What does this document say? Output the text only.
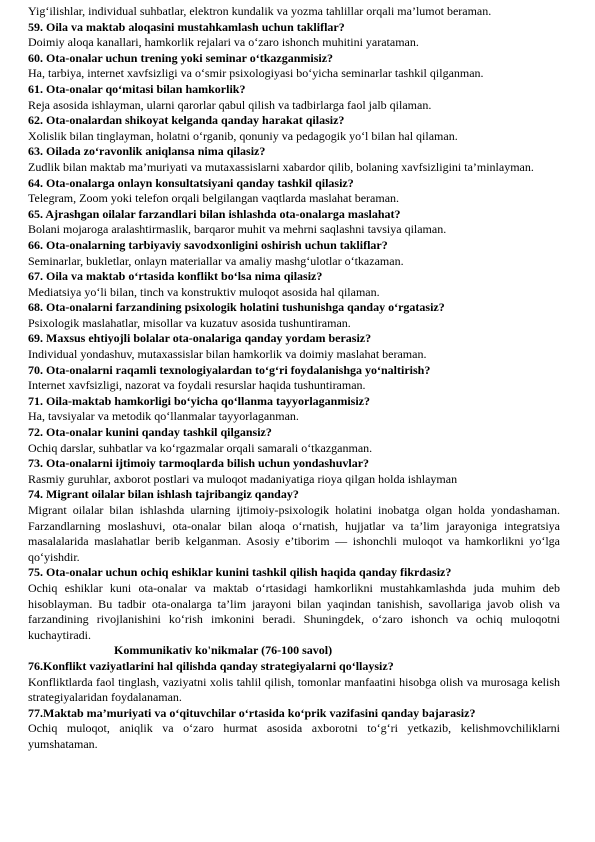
Yig‘ilishlar, individual suhbatlar, elektron kundalik va yozma tahlillar orqali ma’lumot beraman.

59. Oila va maktab aloqasini mustahkamlash uchun takliflar?

Doimiy aloqa kanallari, hamkorlik rejalari va o‘zaro ishonch muhitini yarataman.

60. Ota-onalar uchun trening yoki seminar o‘tkazganmisiz?

Ha, tarbiya, internet xavfsizligi va o‘smir psixologiyasi bo‘yicha seminarlar tashkil qilganman.

61. Ota-onalar qo‘mitasi bilan hamkorlik?

Reja asosida ishlayman, ularni qarorlar qabul qilish va tadbirlarga faol jalb qilaman.

62. Ota-onalardan shikoyat kelganda qanday harakat qilasiz?

Xolislik bilan tinglayman, holatni o‘rganib, qonuniy va pedagogik yo‘l bilan hal qilaman.

63. Oilada zo‘ravonlik aniqlansa nima qilasiz?

Zudlik bilan maktab ma’muriyati va mutaxassislarni xabardor qilib, bolaning xavfsizligini ta’minlayman.

64. Ota-onalarga onlayn konsultatsiyani qanday tashkil qilasiz?

Telegram, Zoom yoki telefon orqali belgilangan vaqtlarda maslahat beraman.

65. Ajrashgan oilalar farzandlari bilan ishlashda ota-onalarga maslahat?

Bolani mojaroga aralashtirmaslik, barqaror muhit va mehrni saqlashni tavsiya qilaman.

66. Ota-onalarning tarbiyaviy savodxonligini oshirish uchun takliflar?

Seminarlar, bukletlar, onlayn materiallar va amaliy mashg‘ulotlar o‘tkazaman.

67. Oila va maktab o‘rtasida konflikt bo‘lsa nima qilasiz?

Mediatsiya yo‘li bilan, tinch va konstruktiv muloqot asosida hal qilaman.

68. Ota-onalarni farzandining psixologik holatini tushunishga qanday o‘rgatasiz?

Psixologik maslahatlar, misollar va kuzatuv asosida tushuntiraman.

69. Maxsus ehtiyojli bolalar ota-onalariga qanday yordam berasiz?

Individual yondashuv, mutaxassislar bilan hamkorlik va doimiy maslahat beraman.

70. Ota-onalarni raqamli texnologiyalardan to‘g‘ri foydalanishga yo‘naltirish?

Internet xavfsizligi, nazorat va foydali resurslar haqida tushuntiraman.

71. Oila-maktab hamkorligi bo‘yicha qo‘llanma tayyorlaganmisiz?

Ha, tavsiyalar va metodik qo‘llanmalar tayyorlaganman.

72. Ota-onalar kunini qanday tashkil qilgansiz?

Ochiq darslar, suhbatlar va ko‘rgazmalar orqali samarali o‘tkazganman.

73. Ota-onalarni ijtimoiy tarmoqlarda bilish uchun yondashuvlar?

Rasmiy guruhlar, axborot postlari va muloqot madaniyatiga rioya qilgan holda ishlayman

74. Migrant oilalar bilan ishlash tajribangiz qanday?

Migrant oilalar bilan ishlashda ularning ijtimoiy-psixologik holatini inobatga olgan holda yondashaman. Farzandlarning moslashuvi, ota-onalar bilan aloqa o‘rnatish, hujjatlar va ta’lim jarayoniga integratsiya masalalarida maslahatlar berib kelganman. Asosiy e’tiborim — ishonchli muloqot va hamkorlikni yo‘lga qo‘yishdir.

75. Ota-onalar uchun ochiq eshiklar kunini tashkil qilish haqida qanday fikrdasiz?

Ochiq eshiklar kuni ota-onalar va maktab o‘rtasidagi hamkorlikni mustahkamlashda juda muhim deb hisoblayman. Bu tadbir ota-onalarga ta’lim jarayoni bilan yaqindan tanishish, savollariga javob olish va farzandining rivojlanishini ko‘rish imkonini beradi. Shuningdek, o‘zaro ishonch va ochiq muloqotni kuchaytiradi.

Kommunikativ ko'nikmalar (76-100 savol)

76.Konflikt vaziyatlarini hal qilishda qanday strategiyalarni qo‘llaysiz?

Konfliktlarda faol tinglash, vaziyatni xolis tahlil qilish, tomonlar manfaatini hisobga olish va murosaga kelish strategiyalaridan foydalanaman.

77.Maktab ma’muriyati va o‘qituvchilar o‘rtasida ko‘prik vazifasini qanday bajarasiz?

Ochiq muloqot, aniqlik va o‘zaro hurmat asosida axborotni to‘g‘ri yetkazib, kelishmovchiliklarni yumshataman.
